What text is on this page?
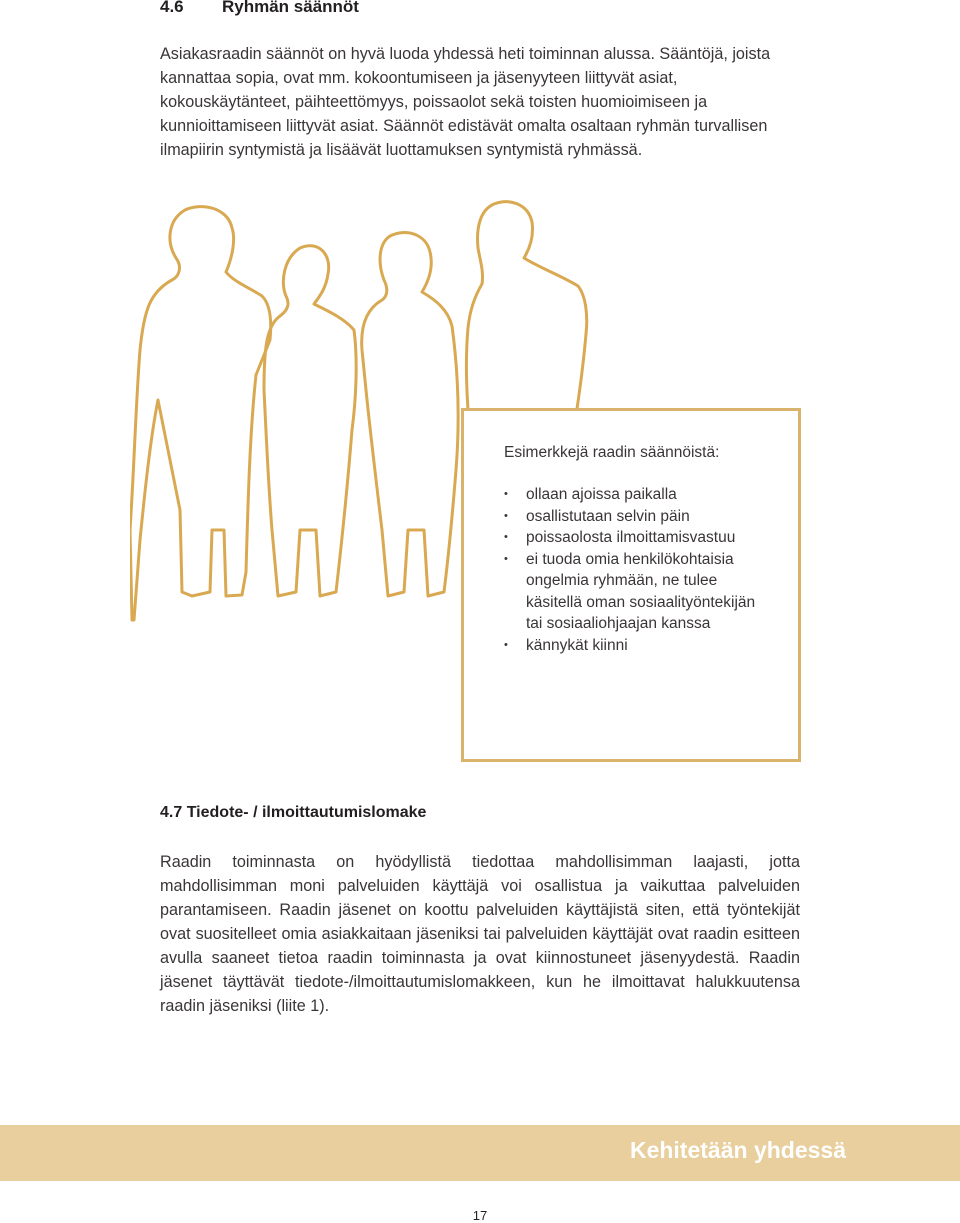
4.6 Ryhmän säännöt

Asiakasraadin säännöt on hyvä luoda yhdessä heti toiminnan alussa. Sääntöjä, joista kannattaa sopia, ovat mm. kokoontumiseen ja jäsenyyteen liittyvät asiat, kokouskäytänteet, päihteettömyys, poissaolot sekä toisten huomioimiseen ja kunnioittamiseen liittyvät asiat. Säännöt edistävät omalta osaltaan ryhmän turvallisen ilmapiirin syntymistä ja lisäävät luottamuksen syntymistä ryhmässä.

Esimerkkejä raadin säännöistä:

• ollaan ajoissa paikalla
• osallistutaan selvin päin
• poissaolosta ilmoittamisvastuu
• ei tuoda omia henkilökohtaisia ongelmia ryhmään, ne tulee käsitellä oman sosiaalityöntekijän tai sosiaaliohjaajan kanssa
• kännykät kiinni
4.7 Tiedote- / ilmoittautumislomake

Raadin toiminnasta on hyödyllistä tiedottaa mahdollisimman laajasti, jotta mahdollisimman moni palveluiden käyttäjä voi osallistua ja vaikuttaa palveluiden parantamiseen. Raadin jäsenet on koottu palveluiden käyttäjistä siten, että työntekijät ovat suositelleet omia asiakkaitaan jäseniksi tai palveluiden käyttäjät ovat raadin esitteen avulla saaneet tietoa raadin toiminnasta ja ovat kiinnostuneet jäsenyydestä. Raadin jäsenet täyttävät tiedote-/ilmoittautumislomakkeen, kun he ilmoittavat halukkuutensa raadin jäseniksi (liite 1).

Kehitetään yhdessä
17
